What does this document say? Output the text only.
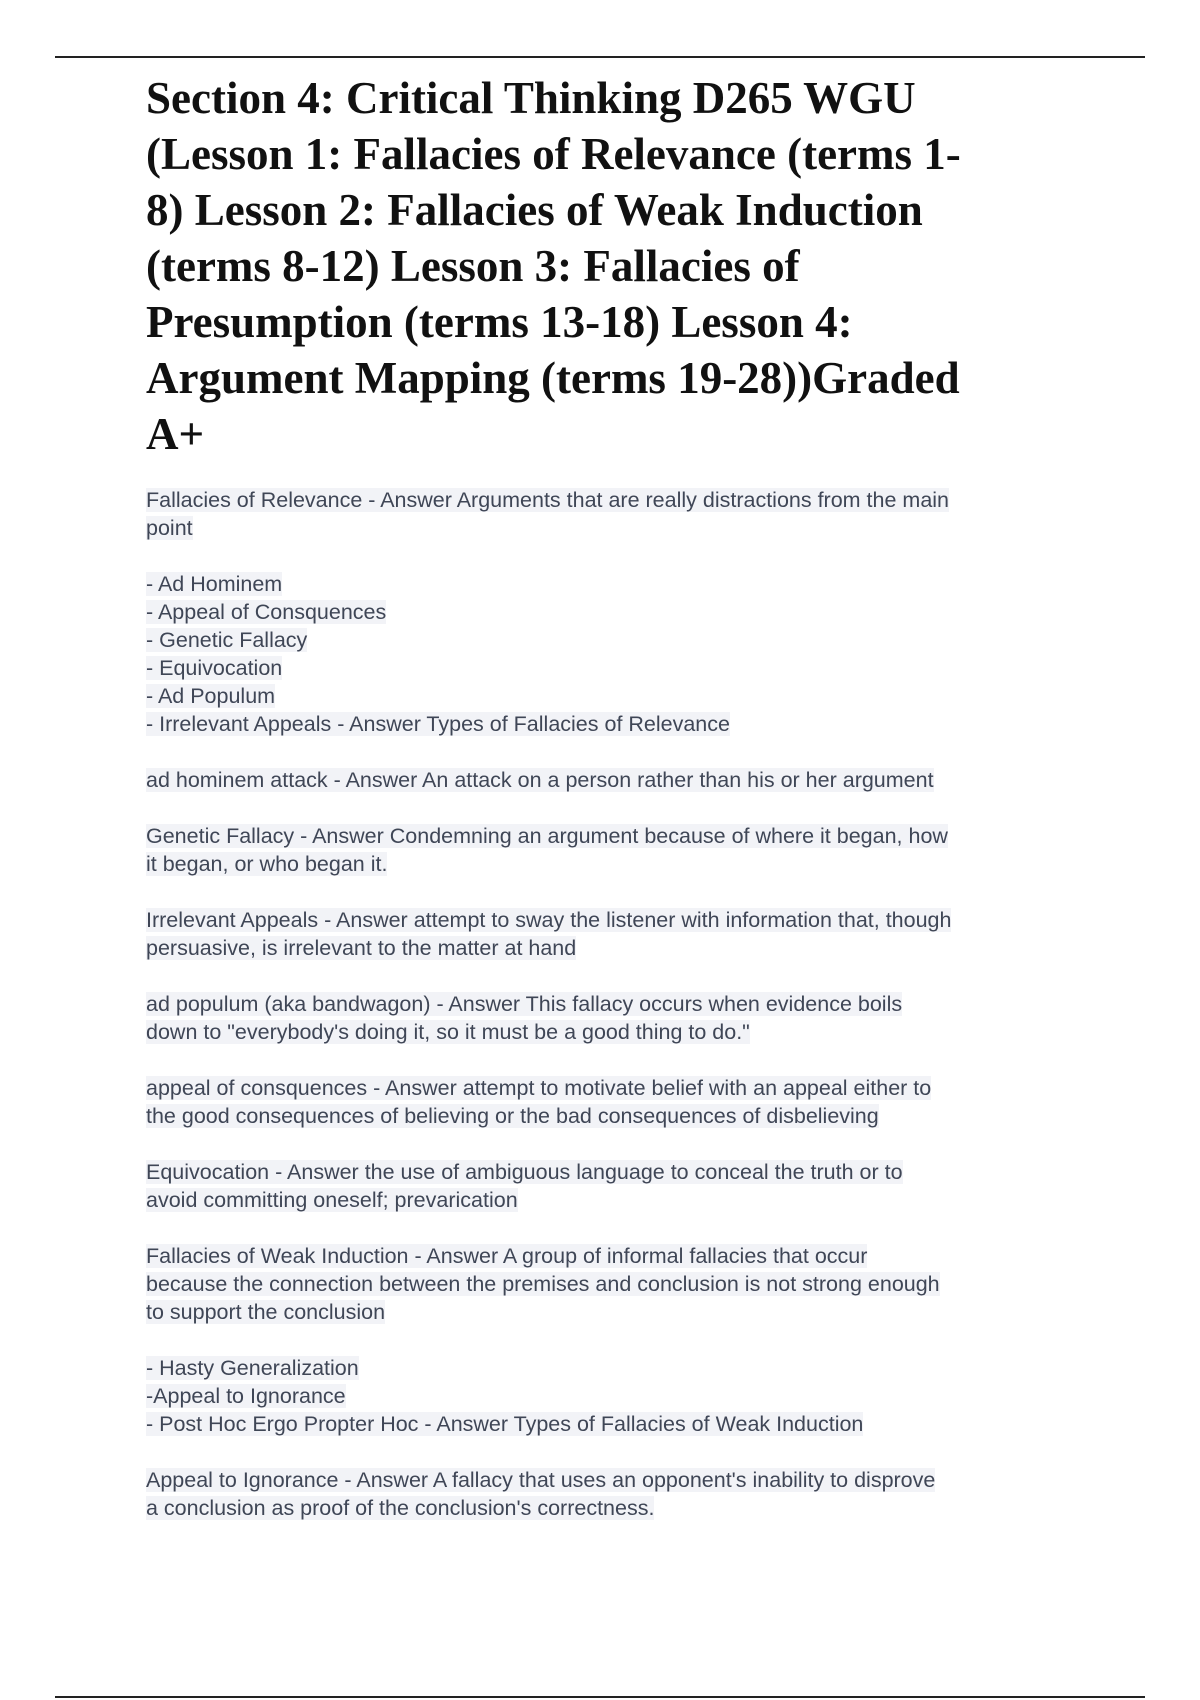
Section 4: Critical Thinking D265 WGU
(Lesson 1: Fallacies of Relevance (terms 1-
8) Lesson 2: Fallacies of Weak Induction
(terms 8-12) Lesson 3: Fallacies of
Presumption (terms 13-18) Lesson 4:
Argument Mapping (terms 19-28))Graded
A+
Fallacies of Relevance - Answer Arguments that are really distractions from the main
point
- Ad Hominem
- Appeal of Consquences
- Genetic Fallacy
- Equivocation
- Ad Populum
- Irrelevant Appeals - Answer Types of Fallacies of Relevance
ad hominem attack - Answer An attack on a person rather than his or her argument
Genetic Fallacy - Answer Condemning an argument because of where it began, how
it began, or who began it.
Irrelevant Appeals - Answer attempt to sway the listener with information that, though
persuasive, is irrelevant to the matter at hand
ad populum (aka bandwagon) - Answer This fallacy occurs when evidence boils
down to "everybody's doing it, so it must be a good thing to do."
appeal of consquences - Answer attempt to motivate belief with an appeal either to
the good consequences of believing or the bad consequences of disbelieving
Equivocation - Answer the use of ambiguous language to conceal the truth or to
avoid committing oneself; prevarication
Fallacies of Weak Induction - Answer A group of informal fallacies that occur
because the connection between the premises and conclusion is not strong enough
to support the conclusion
- Hasty Generalization
-Appeal to Ignorance
- Post Hoc Ergo Propter Hoc - Answer Types of Fallacies of Weak Induction
Appeal to Ignorance - Answer A fallacy that uses an opponent's inability to disprove
a conclusion as proof of the conclusion's correctness.
